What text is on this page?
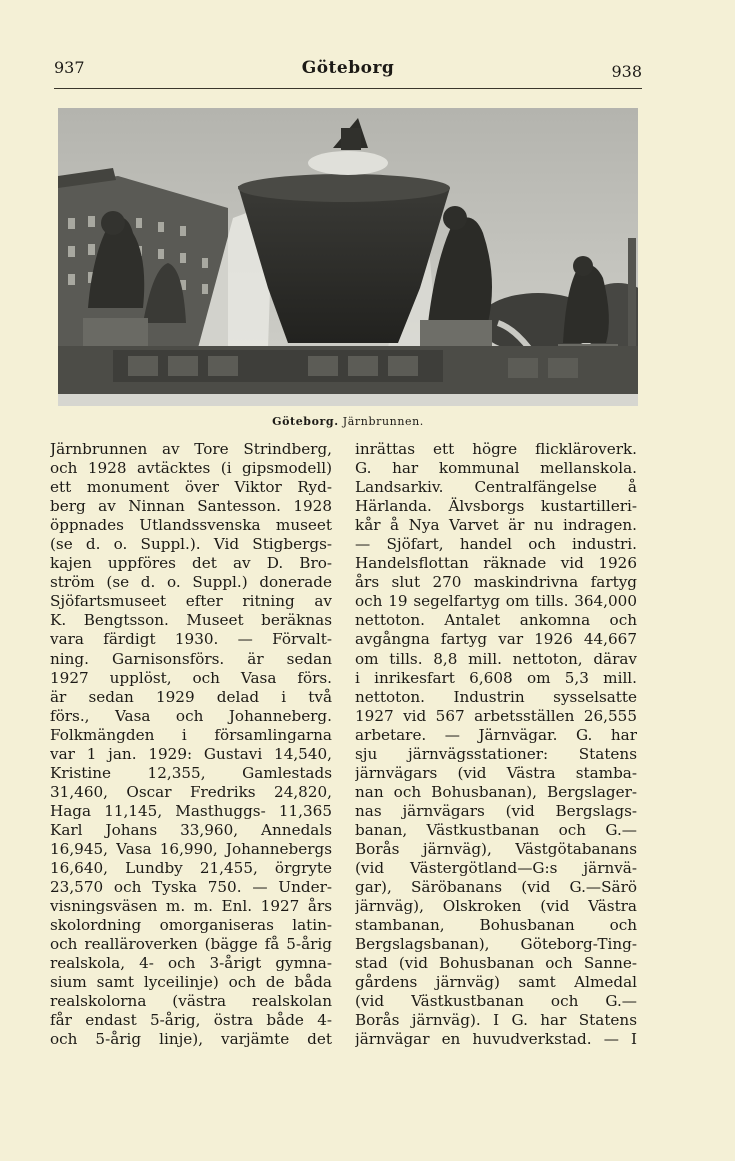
937	Göteborg	938
Göteborg. Järnbrunnen.
Järnbrunnen av Tore Strindberg,
och 1928 avtäcktes (i gipsmodell)
ett monument över Viktor Ryd-
berg av Ninnan Santesson. 1928
öppnades Utlandssvenska museet
(se d. o. Suppl.). Vid Stigbergs-
kajen uppföres det av D. Bro-
ström (se d. o. Suppl.) donerade
Sjöfartsmuseet efter ritning av
K. Bengtsson. Museet beräknas
vara färdigt 1930. — Förvalt-
ning. Garnisonsförs. är sedan
1927 upplöst, och Vasa förs.
är sedan 1929 delad i två
förs., Vasa och Johanneberg.
Folkmängden i församlingarna
var 1 jan. 1929: Gustavi 14,540,
Kristine 12,355, Gamlestads
31,460, Oscar Fredriks 24,820,
Haga 11,145, Masthuggs- 11,365
Karl Johans 33,960, Annedals
16,945, Vasa 16,990, Johannebergs
16,640, Lundby 21,455, örgryte
23,570 och Tyska 750. — Under-
visningsväsen m. m. Enl. 1927 års
skolordning omorganiseras latin-
och realläroverken (bägge få 5-årig
realskola, 4- och 3-årigt gymna-
sium samt lyceilinje) och de båda
realskolorna (västra realskolan
får endast 5-årig, östra både 4-
och 5-årig linje), varjämte det
inrättas ett högre flickläroverk.
G. har kommunal mellanskola.
Landsarkiv. Centralfängelse å
Härlanda. Älvsborgs kustartilleri-
kår å Nya Varvet är nu indragen.
— Sjöfart, handel och industri.
Handelsflottan räknade vid 1926
års slut 270 maskindrivna fartyg
och 19 segelfartyg om tills. 364,000
nettoton. Antalet ankomna och
avgångna fartyg var 1926 44,667
om tills. 8,8 mill. nettoton, därav
i inrikesfart 6,608 om 5,3 mill.
nettoton. Industrin sysselsatte
1927 vid 567 arbetsställen 26,555
arbetare. — Järnvägar. G. har
sju järnvägsstationer: Statens
järnvägars (vid Västra stamba-
nan och Bohusbanan), Bergslager-
nas järnvägars (vid Bergslags-
banan, Västkustbanan och G.—
Borås järnväg), Västgötabanans
(vid Västergötland—G:s järnvä-
gar), Säröbanans (vid G.—Särö
järnväg), Olskroken (vid Västra
stambanan, Bohusbanan och
Bergslagsbanan), Göteborg-Ting-
stad (vid Bohusbanan och Sanne-
gårdens järnväg) samt Almedal
(vid Västkustbanan och G.—
Borås järnväg). I G. har Statens
järnvägar en huvudverkstad. — I
